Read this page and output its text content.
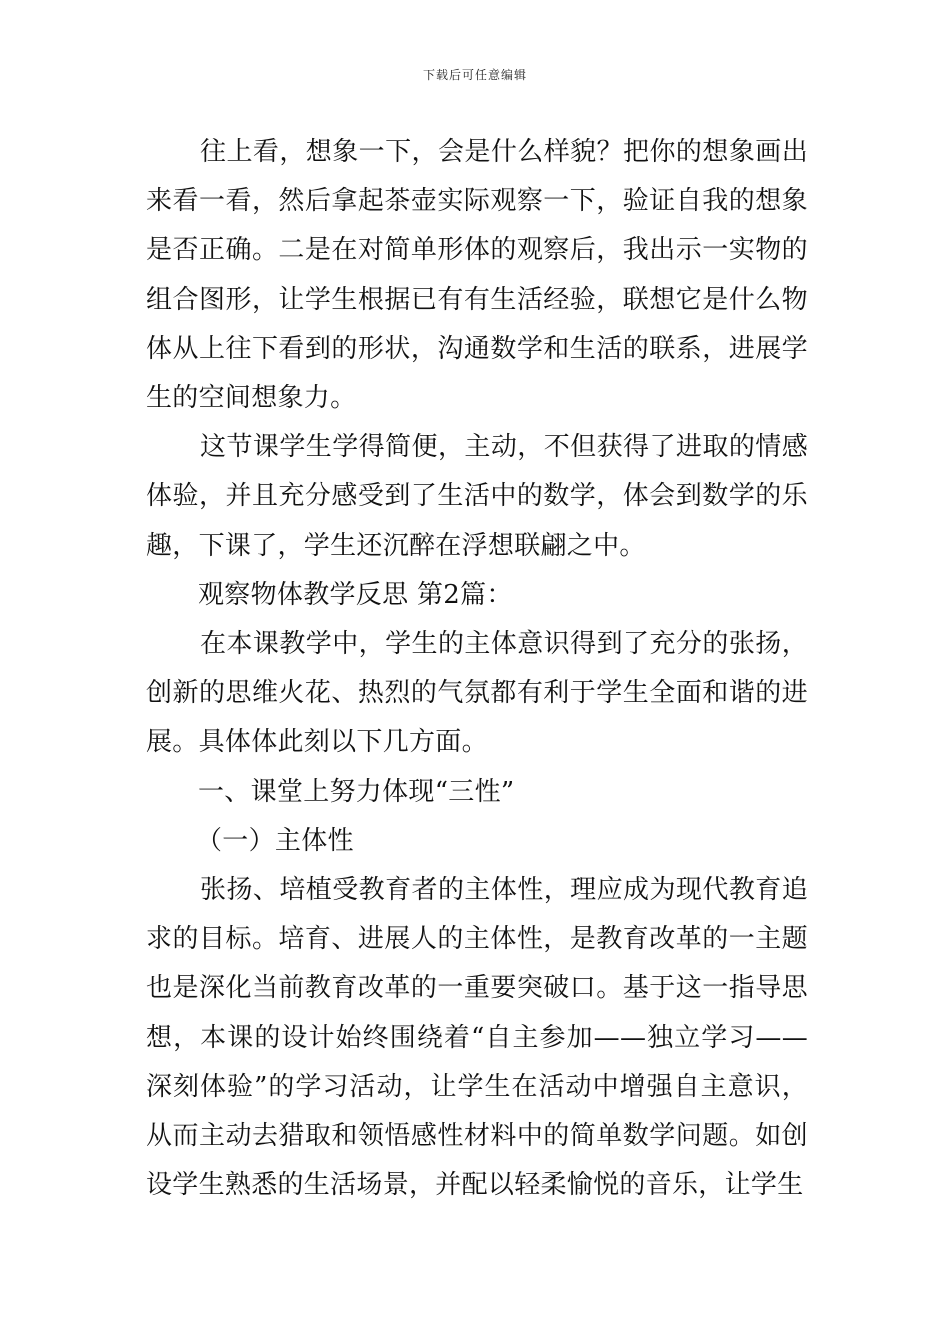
下载后可任意编辑

往上看，想象一下，会是什么样貌？把你的想象画出来看一看，然后拿起茶壶实际观察一下，验证自我的想象是否正确。二是在对简单形体的观察后，我出示一实物的组合图形，让学生根据已有有生活经验，联想它是什么物体从上往下看到的形状，沟通数学和生活的联系，进展学生的空间想象力。

这节课学生学得简便，主动，不但获得了进取的情感体验，并且充分感受到了生活中的数学，体会到数学的乐趣，下课了，学生还沉醉在浮想联翩之中。

观察物体教学反思 第2篇：

在本课教学中，学生的主体意识得到了充分的张扬，创新的思维火花、热烈的气氛都有利于学生全面和谐的进展。具体体此刻以下几方面。

一、课堂上努力体现“三性”

（一）主体性

张扬、培植受教育者的主体性，理应成为现代教育追求的目标。培育、进展人的主体性，是教育改革的一主题也是深化当前教育改革的一重要突破口。基于这一指导思想，本课的设计始终围绕着“自主参加——独立学习——深刻体验”的学习活动，让学生在活动中增强自主意识，从而主动去猎取和领悟感性材料中的简单数学问题。如创设学生熟悉的生活场景，并配以轻柔愉悦的音乐，让学生
